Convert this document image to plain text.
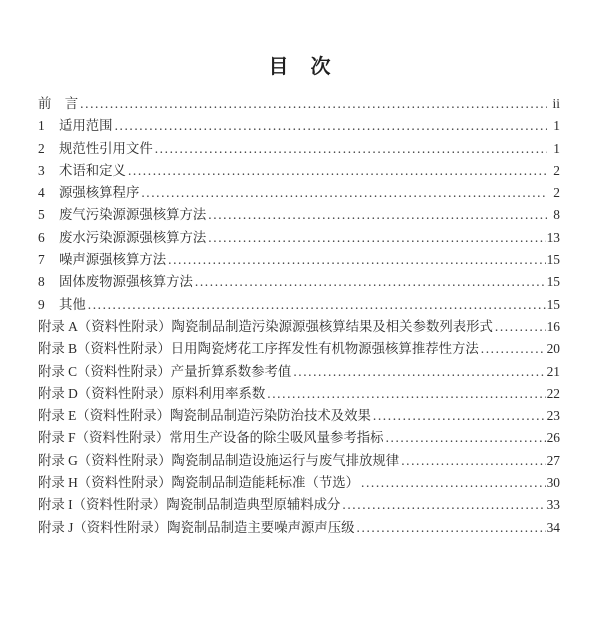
目　次
前　言 .....	ii
1	适用范围 .....	1
2	规范性引用文件 .....	1
3	术语和定义 .....	2
4	源强核算程序 .....	2
5	废气污染源源强核算方法 .....	8
6	废水污染源源强核算方法 .....	13
7	噪声源强核算方法 .....	15
8	固体废物源强核算方法 .....	15
9	其他 .....	15
附录 A（资料性附录）陶瓷制品制造污染源源强核算结果及相关参数列表形式 .....	16
附录 B（资料性附录）日用陶瓷烤花工序挥发性有机物源强核算推荐性方法 .....	20
附录 C（资料性附录）产量折算系数参考值 .....	21
附录 D（资料性附录）原料利用率系数 .....	22
附录 E（资料性附录）陶瓷制品制造污染防治技术及效果 .....	23
附录 F（资料性附录）常用生产设备的除尘吸风量参考指标 .....	26
附录 G（资料性附录）陶瓷制品制造设施运行与废气排放规律 .....	27
附录 H（资料性附录）陶瓷制品制造能耗标准（节选） .....	30
附录 I（资料性附录）陶瓷制品制造典型原辅料成分 .....	33
附录 J（资料性附录）陶瓷制品制造主要噪声源声压级 .....	34
